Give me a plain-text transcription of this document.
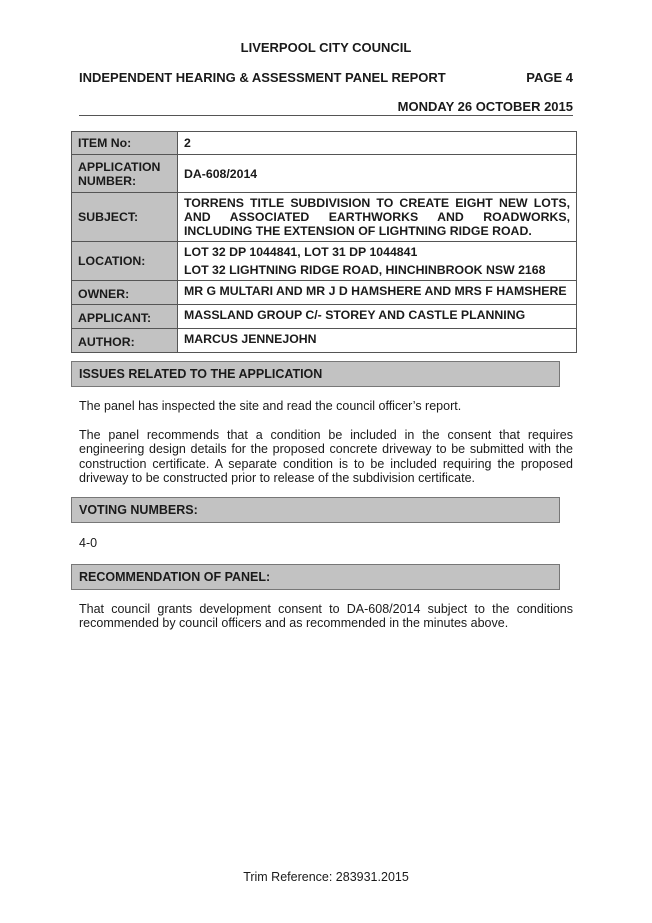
LIVERPOOL CITY COUNCIL
INDEPENDENT HEARING & ASSESSMENT PANEL REPORT	PAGE 4
MONDAY 26 OCTOBER 2015
ITEM No:	2
APPLICATION NUMBER:	DA-608/2014
SUBJECT:	TORRENS TITLE SUBDIVISION TO CREATE EIGHT NEW LOTS, AND ASSOCIATED EARTHWORKS AND ROADWORKS, INCLUDING THE EXTENSION OF LIGHTNING RIDGE ROAD.
LOCATION:	LOT 32 DP 1044841, LOT 31 DP 1044841
LOT 32 LIGHTNING RIDGE ROAD, HINCHINBROOK NSW 2168

OWNER:	MR G MULTARI AND MR J D HAMSHERE AND MRS F HAMSHERE
APPLICANT:	MASSLAND GROUP C/- STOREY AND CASTLE PLANNING
AUTHOR:	MARCUS JENNEJOHN
ISSUES RELATED TO THE APPLICATION
The panel has inspected the site and read the council officer’s report.
The panel recommends that a condition be included in the consent that requires engineering design details for the proposed concrete driveway to be submitted with the construction certificate. A separate condition is to be included requiring the proposed driveway to be constructed prior to release of the subdivision certificate.
VOTING NUMBERS:
4-0
RECOMMENDATION OF PANEL:
That council grants development consent to DA-608/2014 subject to the conditions recommended by council officers and as recommended in the minutes above.
Trim Reference: 283931.2015
